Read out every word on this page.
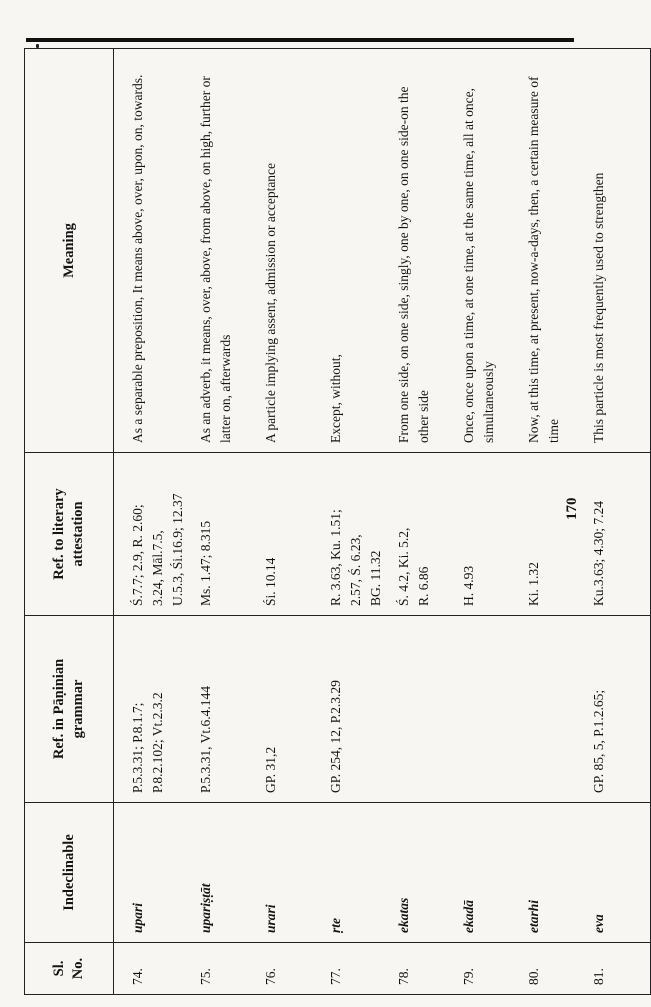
Sl. No.	Indeclinable	Ref. in Pāṇinian grammar	Ref. to literary attestation	Meaning
74.	upari	P.5.3.31; P.8.1.7; P.8.2.102; Vt.2.3.2	Ś.7.7; 2.9, R. 2.60; 3.24, Māl.7.5, U.5.3, Śi.16.9; 12.37	As a separable preposition, It means above, over, upon, on, towards.
75.	upariṣṭāt	P.5.3.31, Vt.6.4.144	Ms. 1.47; 8.315	As an adverb, it means, over, above, from above, on high, further or latter on, afterwards
76.	urari	GP. 31,2	Śi. 10.14	A particle implying assent, admission or acceptance
77.	ṛte	GP. 254, 12, P.2.3.29	R. 3.63, Ku. 1.51; 2.57, Ś. 6.23, BG. 11.32	Except, without,
78.	ekatas		Ś. 4.2, Ki. 5.2, R. 6.86	From one side, on one side, singly, one by one, on one side-on the other side
79.	ekadā		H. 4.93	Once, once upon a time, at one time, at the same time, all at once, simultaneously
80.	etarhi		Ki. 1.32	Now, at this time, at present, now-a-days, then, a certain measure of time
81.	eva	GP. 85, 5, P.1.2.65;	Ku.3.63; 4.30; 7.24	This particle is most frequently used to strengthen
170
